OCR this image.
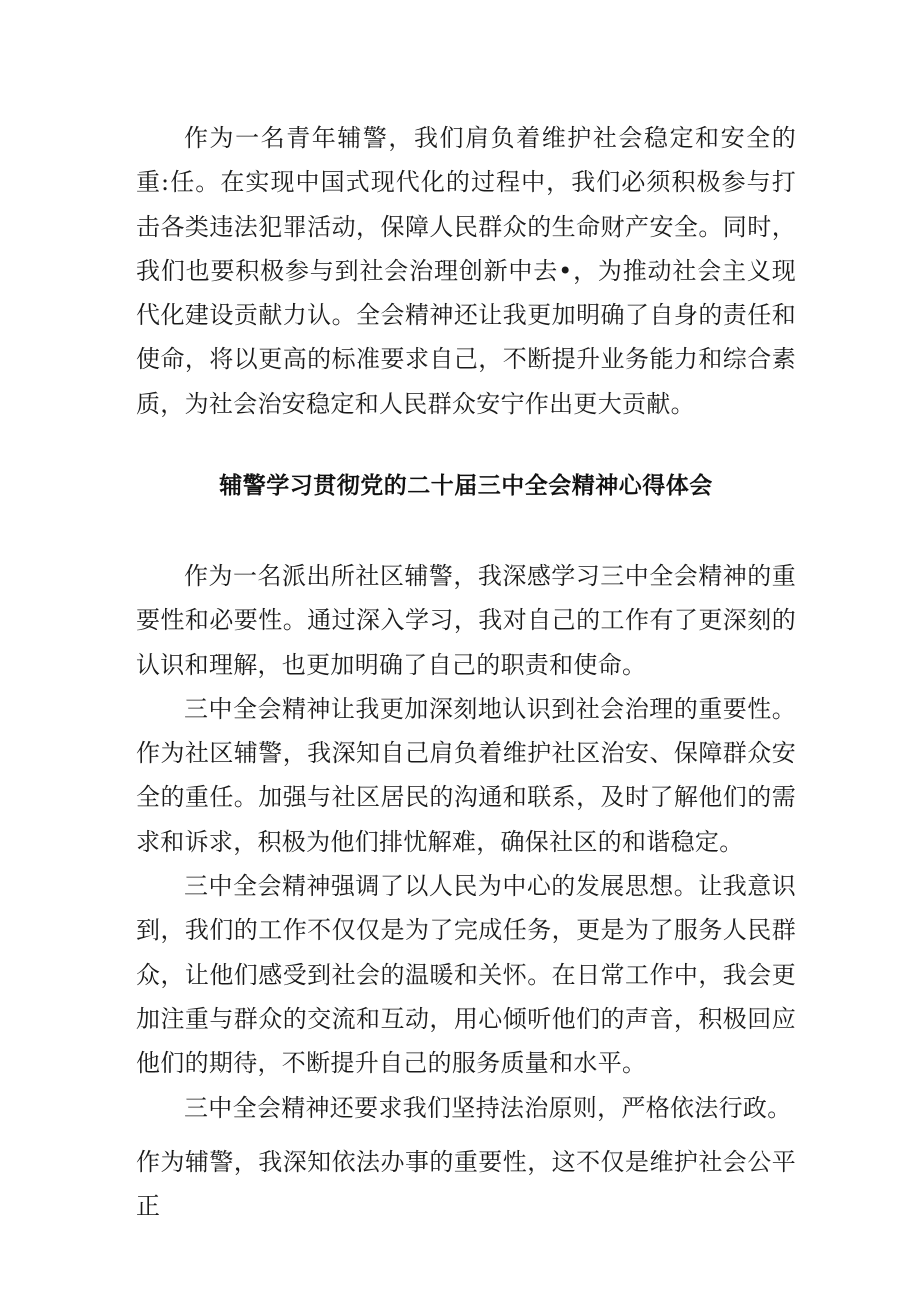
作为一名青年辅警，我们肩负着维护社会稳定和安全的重:任。在实现中国式现代化的过程中，我们必须积极参与打击各类违法犯罪活动，保障人民群众的生命财产安全。同时，我们也要积极参与到社会治理创新中去•，为推动社会主义现代化建设贡献力认。全会精神还让我更加明确了自身的责任和使命，将以更高的标准要求自己，不断提升业务能力和综合素质，为社会治安稳定和人民群众安宁作出更大贡献。

辅警学习贯彻党的二十届三中全会精神心得体会

作为一名派出所社区辅警，我深感学习三中全会精神的重要性和必要性。通过深入学习，我对自己的工作有了更深刻的认识和理解，也更加明确了自己的职责和使命。

三中全会精神让我更加深刻地认识到社会治理的重要性。作为社区辅警，我深知自己肩负着维护社区治安、保障群众安全的重任。加强与社区居民的沟通和联系，及时了解他们的需求和诉求，积极为他们排忧解难，确保社区的和谐稳定。

三中全会精神强调了以人民为中心的发展思想。让我意识到，我们的工作不仅仅是为了完成任务，更是为了服务人民群众，让他们感受到社会的温暖和关怀。在日常工作中，我会更加注重与群众的交流和互动，用心倾听他们的声音，积极回应他们的期待，不断提升自己的服务质量和水平。

三中全会精神还要求我们坚持法治原则，严格依法行政。

作为辅警，我深知依法办事的重要性，这不仅是维护社会公平正
